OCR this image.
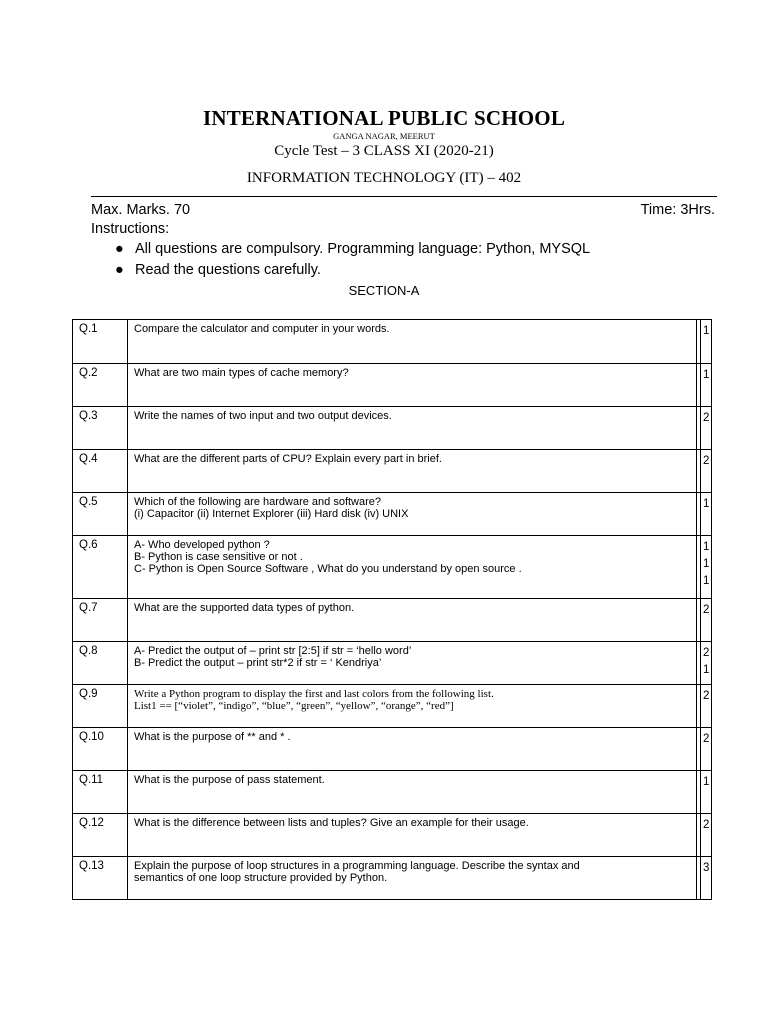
INTERNATIONAL PUBLIC SCHOOL
GANGA NAGAR, MEERUT
Cycle Test – 3 CLASS XI (2020-21)
INFORMATION TECHNOLOGY (IT) – 402
Max. Marks. 70	Time: 3Hrs.
Instructions:
● All questions are compulsory. Programming language: Python, MYSQL
● Read the questions carefully.
SECTION-A
Q.1	Compare the calculator and computer in your words.		1

Q.2	What are two main types of cache memory?		1

Q.3	Write the names of two input and two output devices.		2

Q.4	What are the different parts of CPU? Explain every part in brief.		2

Q.5	Which of the following are hardware and software?
(i) Capacitor (ii) Internet Explorer (iii) Hard disk (iv) UNIX		1

Q.6	A- Who developed python ?
B- Python is case sensitive or not .
C- Python is Open Source Software , What do you understand by open source .		1
1
1

Q.7	What are the supported data types of python.		2

Q.8	A- Predict the output of – print str [2:5] if str = ‘hello word’
B- Predict the output – print str*2 if str = ‘ Kendriya’		2
1

Q.9	Write a Python program to display the first and last colors from the following list.
List1 == [“violet”, “indigo”, “blue”, “green”, “yellow”, “orange”, “red”]		2

Q.10	What is the purpose of ** and * .		2

Q.11	What is the purpose of pass statement.		1

Q.12	What is the difference between lists and tuples? Give an example for their usage.		2

Q.13	Explain the purpose of loop structures in a programming language. Describe the syntax and
semantics of one loop structure provided by Python.		3
